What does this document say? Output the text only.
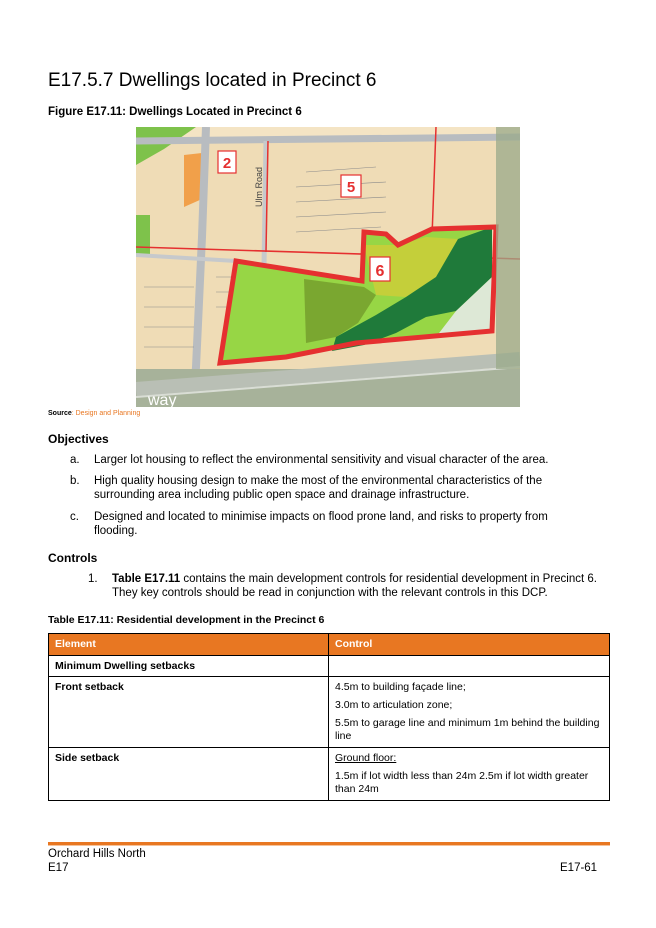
E17.5.7 Dwellings located in Precinct 6
Figure E17.11: Dwellings Located in Precinct 6
Ulm Road
way
2
5
6
Source: Design and Planning
Objectives
a. Larger lot housing to reflect the environmental sensitivity and visual character of the area.
b. High quality housing design to make the most of the environmental characteristics of the surrounding area including public open space and drainage infrastructure.
c. Designed and located to minimise impacts on flood prone land, and risks to property from flooding.
Controls
1. Table E17.11 contains the main development controls for residential development in Precinct 6. They key controls should be read in conjunction with the relevant controls in this DCP.
Table E17.11: Residential development in the Precinct 6
Element	Control
Minimum Dwelling setbacks	
Front setback	4.5m to building façade line;
3.0m to articulation zone;
5.5m to garage line and minimum 1m behind the building line

Side setback	Ground floor:
1.5m if lot width less than 24m 2.5m if lot width greater than 24m
Orchard Hills North
E17	E17-61
